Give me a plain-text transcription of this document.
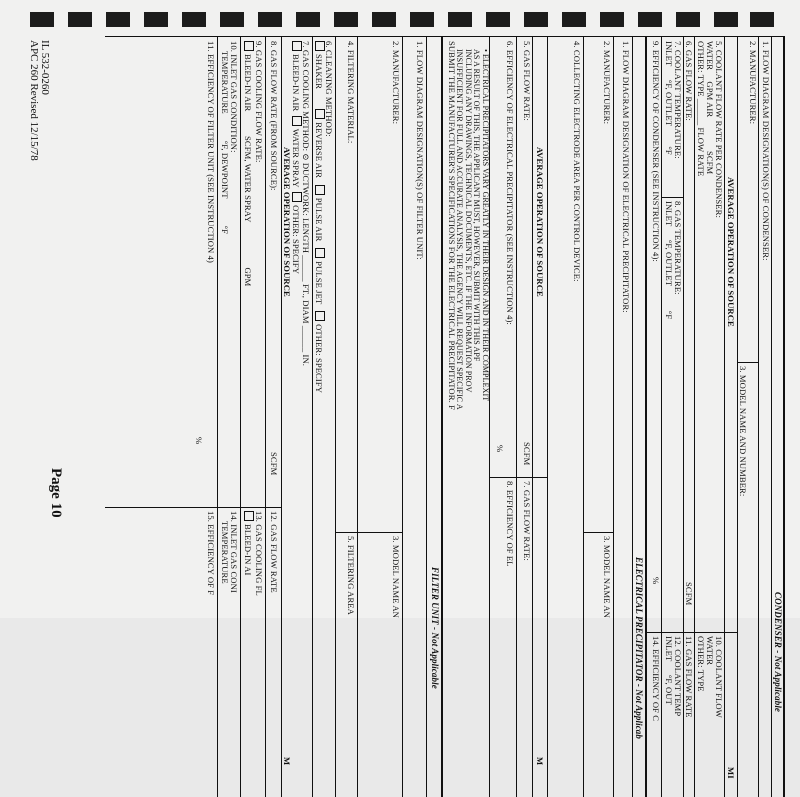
IL 532-0260
APC 260 Revised 12/15/78
Page 10
CONDENSER - Not Applicable
1. FLOW DIAGRAM DESIGNATION(S) OF CONDENSER:
2. MANUFACTURER:
3. MODEL NAME AND NUMBER:
AVERAGE OPERATION OF SOURCE
MI
5. COOLANT FLOW RATE PER CONDENSER:
WATER     GPM AIR               SCFM
OTHER: TYPE ______ FLOW RATE
10. COOLANT FLOW
WATER
OTHER: TYPE
6. GAS FLOW RATE:
SCFM
11. GAS FLOW RATE
7. COOLANT TEMPERATURE:
INLET      °F, OUTLET         °F
8. GAS TEMPERATURE:
INLET      °F, OUTLET           °F
12. COOLANT TEMP
INLET      °F, OUT
9. EFFICIENCY OF CONDENSER (SEE INSTRUCTION 4):
%
14. EFFICIENCY OF C
ELECTRICAL PRECIPITATOR - Not Applicab
1. FLOW DIAGRAM DESIGNATION OF ELECTRICAL PRECIPITATOR:
2. MANUFACTURER:
3. MODEL NAME AN
4. COLLECTING ELECTRODE AREA PER CONTROL DEVICE:
AVERAGE OPERATION OF SOURCE
M
5. GAS FLOW RATE:
SCFM
7. GAS FLOW RATE:
6. EFFICIENCY OF ELECTRICAL PRECIPITATOR (SEE INSTRUCTION 4):
%
8. EFFICIENCY OF EL
• ELECTRICAL PRECIPITATORS VARY GREATLY IN THEIR DESIGN AND IN THEIR COMPLEXIT
AS A RESULT OF THIS, THE APPLICANT MUST, HOWEVER, SUBMIT WITH THIS APF
INCLUDING ANY DRAWINGS, TECHNICAL DOCUMENTS, ETC. IF THE INFORMATION PROV
INSUFFICIENT FOR FULL AND ACCURATE ANALYSIS, THE AGENCY WILL REQUEST SPECIFIC A
SUBMIT THE MANUFACTURER'S SPECIFICATIONS FOR THE ELECTRICAL PRECIPITATOR. F
FILTER UNIT - Not Applicable
1. FLOW DIAGRAM DESIGNATION(S) OF FILTER UNIT:
2. MANUFACTURER:
3. MODEL NAME AN
4. FILTERING MATERIAL:
5. FILTERING AREA
6. CLEANING METHOD:
SHAKER         REVERSE AIR   PULSE AIR   PULSE JET   OTHER: SPECIFY
7. GAS COOLING METHOD: ⊙ DUCTWORK: LENGTH ______ FT., DIAM ______ IN.
BLEED-IN AIR  WATER SPRAY  OTHER: SPECIFY
AVERAGE OPERATION OF SOURCE
M
8. GAS FLOW RATE (FROM SOURCE):
SCFM
12. GAS FLOW RATE
9. GAS COOLING FLOW RATE:
BLEED-IN AIR           SCFM, WATER SPRAY                    GPM
13. GAS COOLING FL
BLEED-IN AI
10. INLET GAS CONDITION:
TEMPERATURE            °F, DEWPOINT            °F
14. INLET GAS CONI
TEMPERATURE
11. EFFICIENCY OF FILTER UNIT (SEE INSTRUCTION 4)
%
15. EFFICIENCY OF F
